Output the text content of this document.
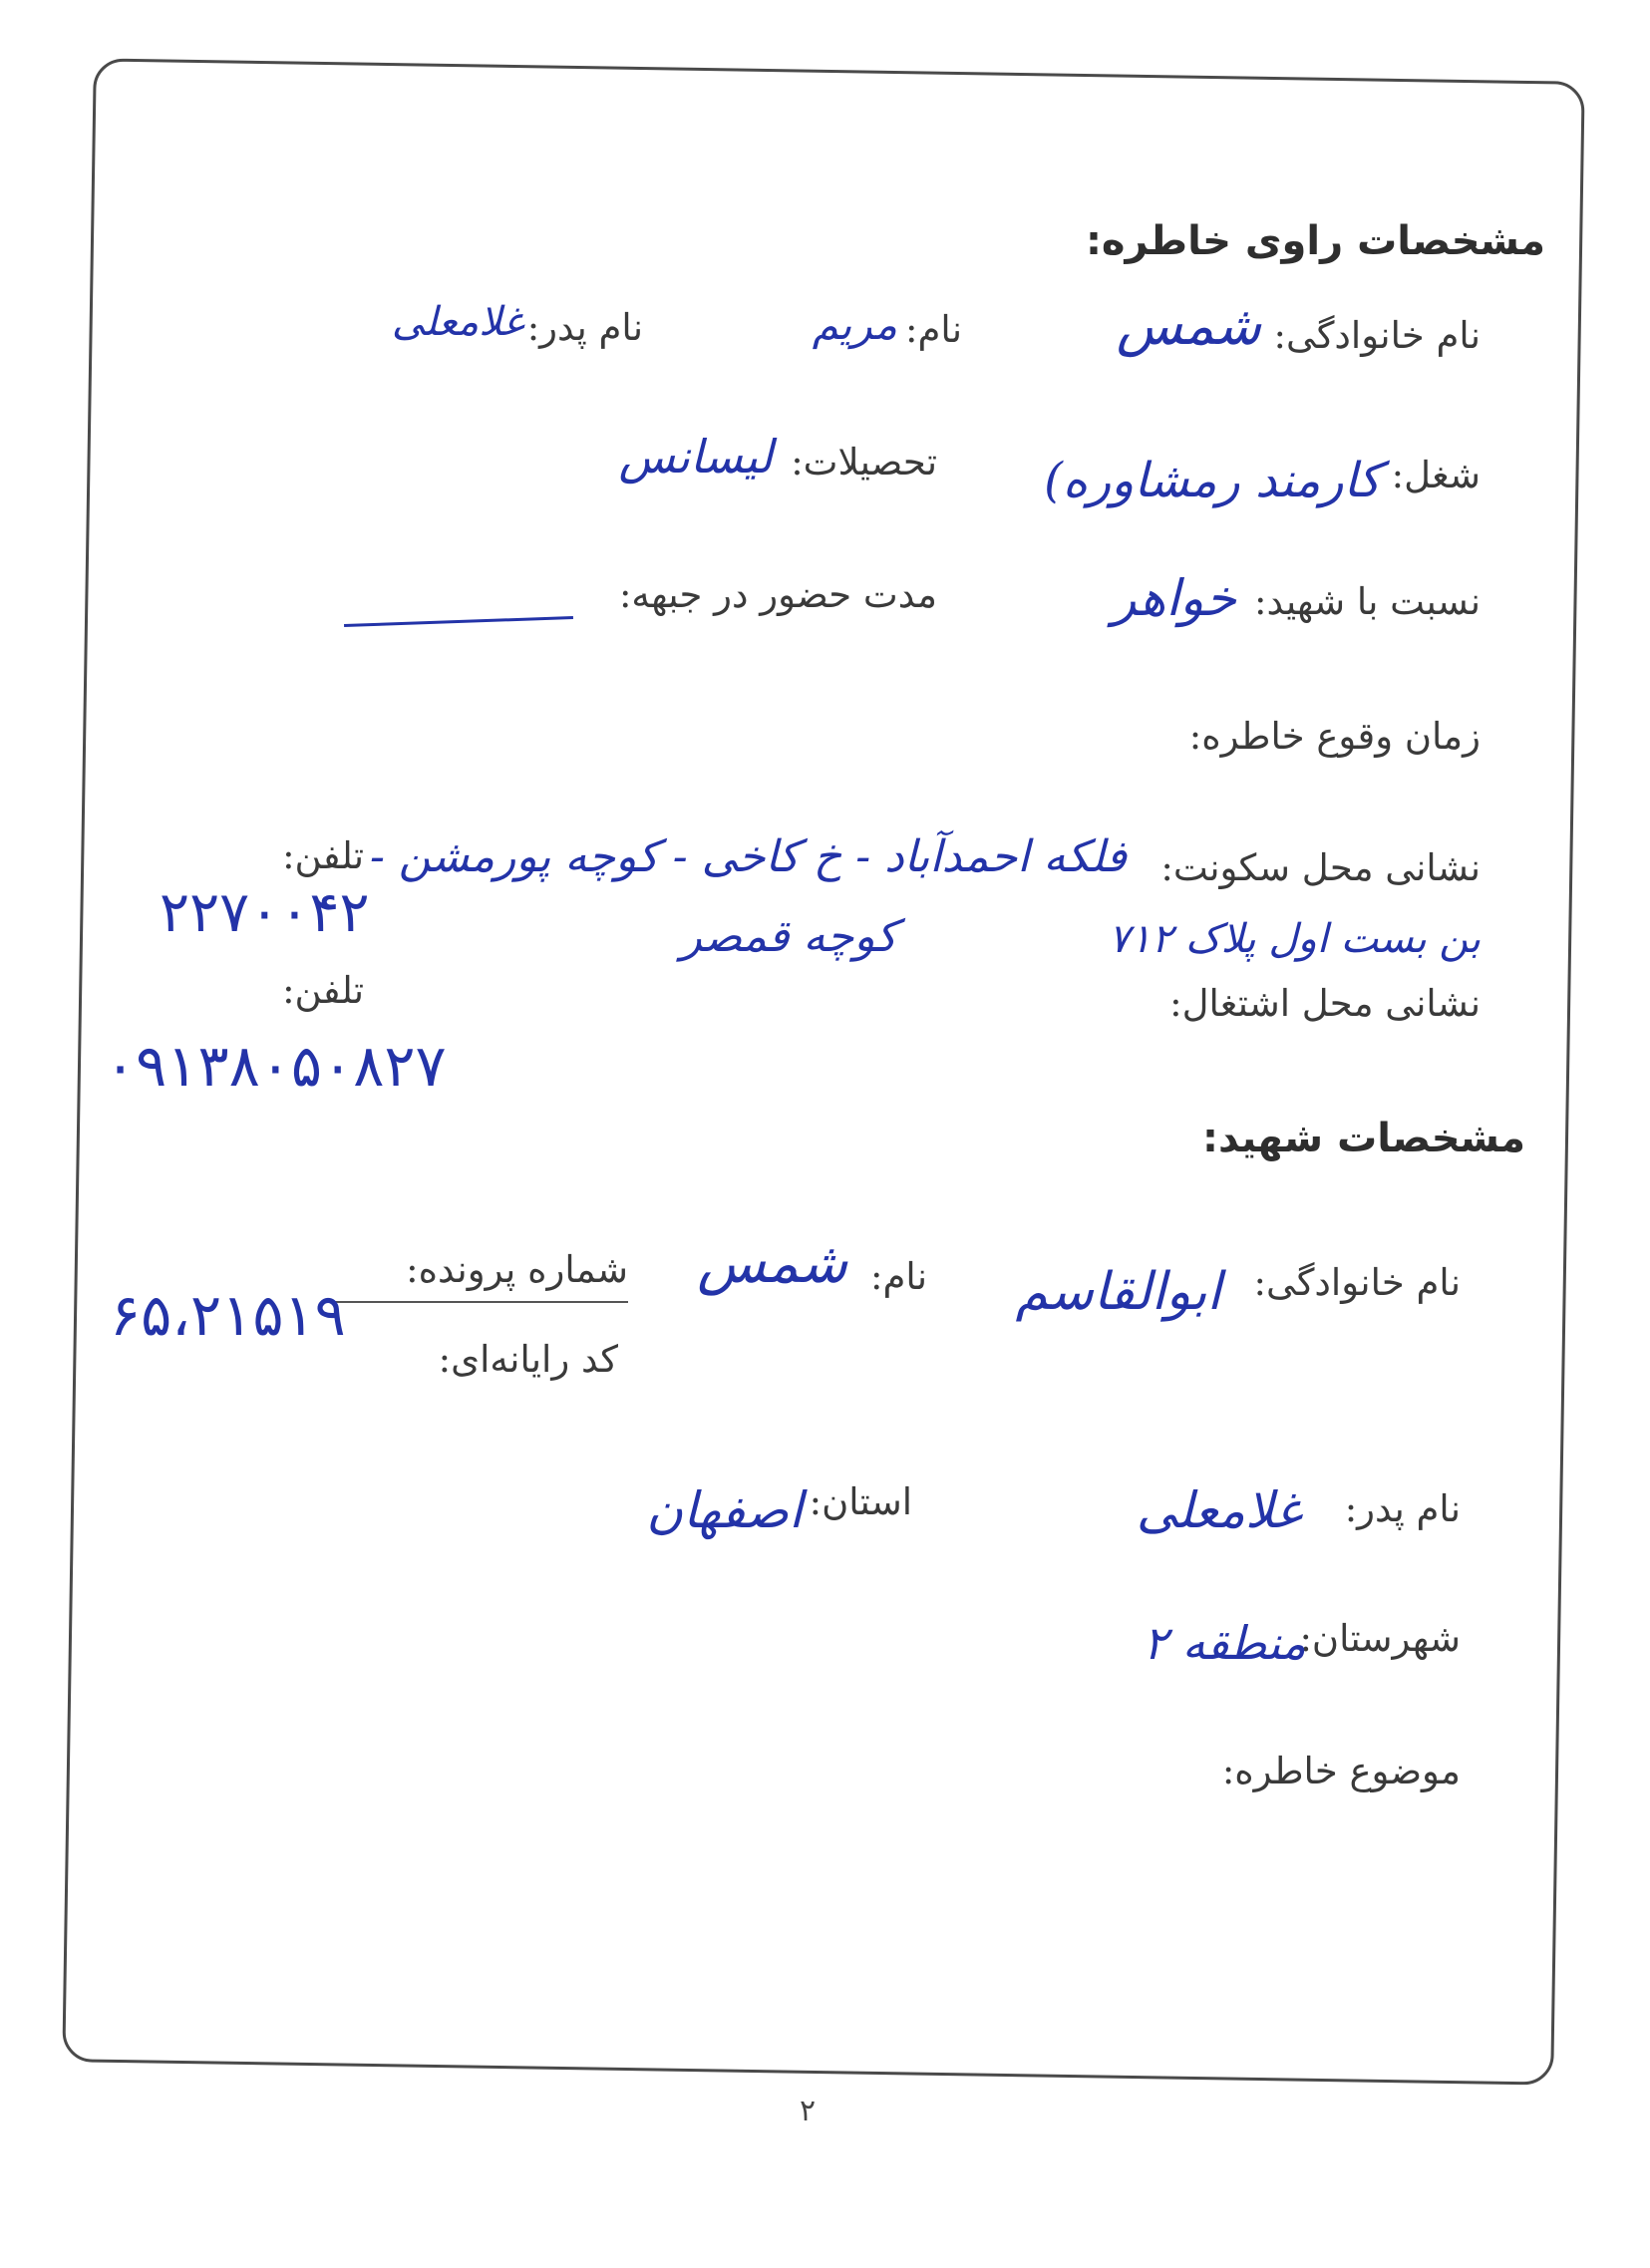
مشخصات راوی خاطره:
نام خانوادگی:
شمس
نام:
مریم
نام پدر:
غلامعلی
شغل:
کارمند رمشاوره)
تحصیلات:
لیسانس
نسبت با شهید:
خواهر
مدت حضور در جبهه:
زمان وقوع خاطره:
نشانی محل سکونت:
فلکه احمدآباد - خ کاخی - کوچه پورمشن -
کوچه قمصر	بن بست اول پلاک ۷۱۲
تلفن:
۲۲۷۰۰۴۲
نشانی محل اشتغال:
تلفن:
۰۹۱۳۸۰۵۰۸۲۷
مشخصات شهید:
نام خانوادگی:
ابوالقاسم
نام:
شمس
شماره پرونده:
کد رایانه‌ای:
۶۵،۲۱۵۱۹
نام پدر:
غلامعلی
استان:
اصفهان
شهرستان:
منطقه ۲
موضوع خاطره:
۲
